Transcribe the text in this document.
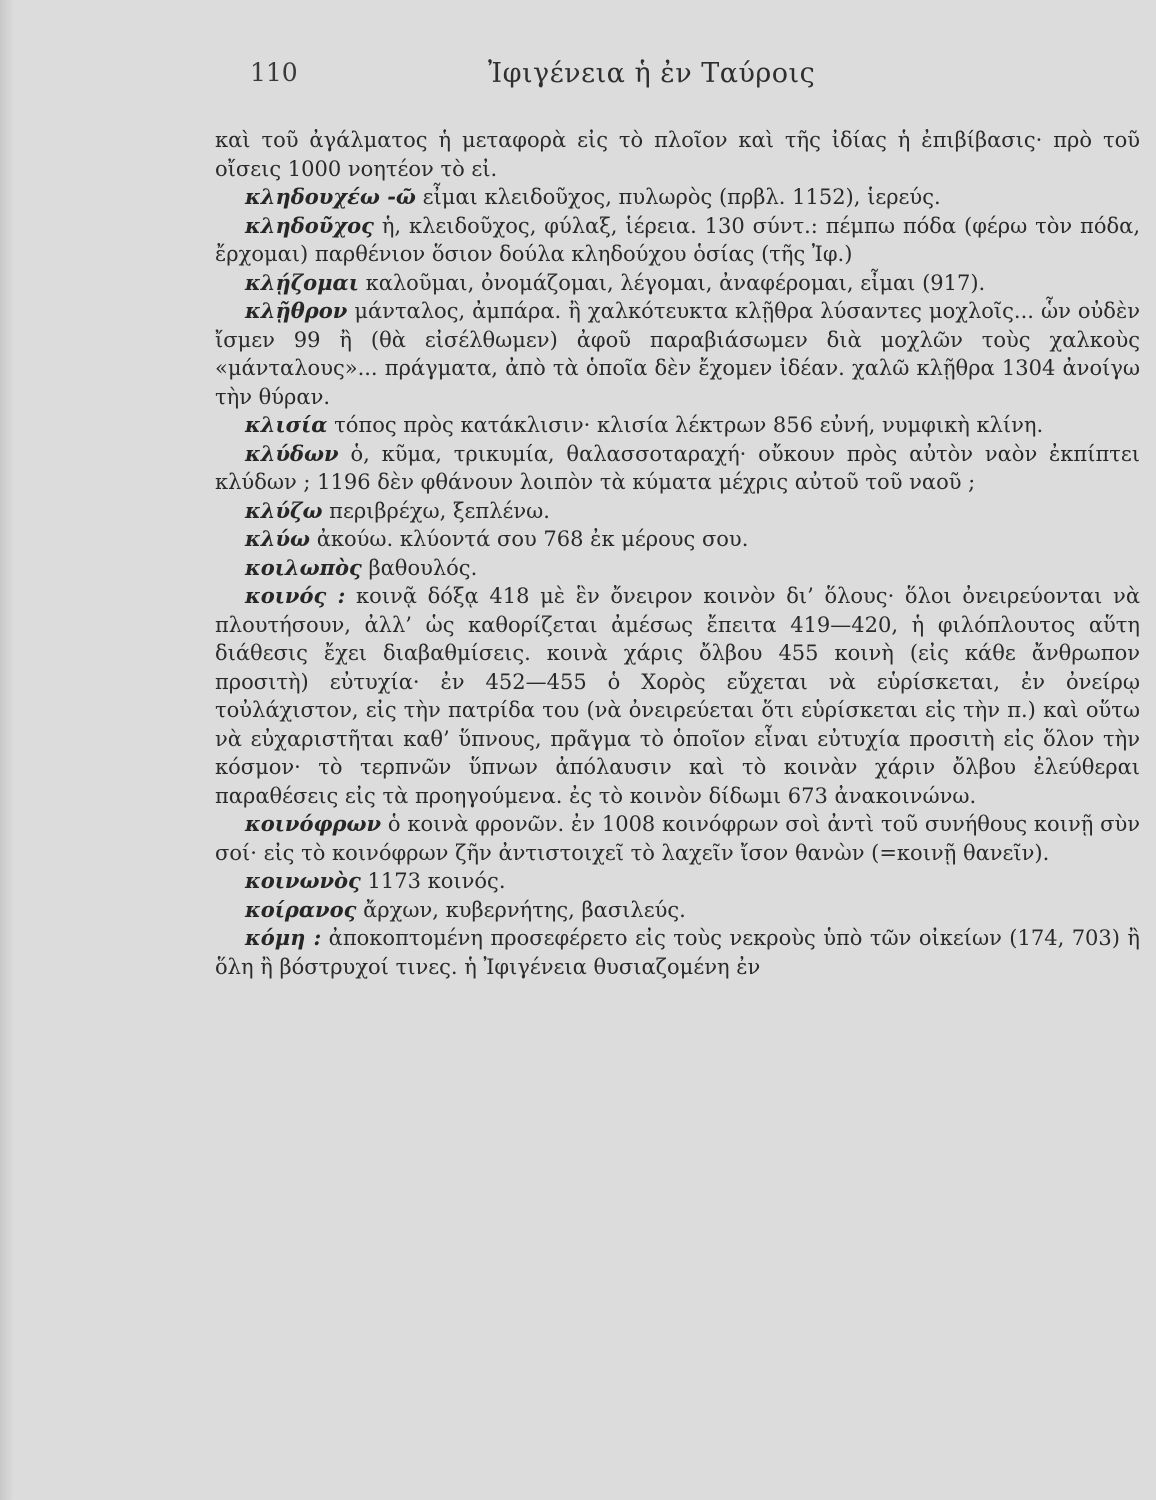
110	Ἰφιγένεια ἡ ἐν Ταύροις

καὶ τοῦ ἀγάλματος ἡ μεταφορὰ εἰς τὸ πλοῖον καὶ τῆς ἰδίας ἡ ἐπιβίβασις· πρὸ τοῦ οἴσεις 1000 νοητέον τὸ εἰ.

κληδουχέω -ῶ εἶμαι κλειδοῦχος, πυλωρὸς (πρβλ. 1152), ἱερεύς.

κληδοῦχος ἡ, κλειδοῦχος, φύλαξ, ἱέρεια. 130 σύντ.: πέμπω πόδα (φέρω τὸν πόδα, ἔρχομαι) παρθένιον ὅσιον δούλα κληδούχου ὁσίας (τῆς Ἰφ.)

κλῄζομαι καλοῦμαι, ὀνομάζομαι, λέγομαι, ἀναφέρομαι, εἶμαι (917).

κλῇθρον μάνταλος, ἀμπάρα. ἢ χαλκότευκτα κλῇθρα λύσαντες μοχλοῖς... ὧν οὐδὲν ἴσμεν 99 ἢ (θὰ εἰσέλθωμεν) ἀφοῦ παραβιάσωμεν διὰ μοχλῶν τοὺς χαλκοὺς «μάνταλους»... πράγματα, ἀπὸ τὰ ὁποῖα δὲν ἔχομεν ἰδέαν. χαλῶ κλῇθρα 1304 ἀνοίγω τὴν θύραν.

κλισία τόπος πρὸς κατάκλισιν· κλισία λέκτρων 856 εὐνή, νυμφικὴ κλίνη.

κλύδων ὁ, κῦμα, τρικυμία, θαλασσοταραχή· οὔκουν πρὸς αὐτὸν ναὸν ἐκπίπτει κλύδων ; 1196 δὲν φθάνουν λοιπὸν τὰ κύματα μέχρις αὐτοῦ τοῦ ναοῦ ;

κλύζω περιβρέχω, ξεπλένω.

κλύω ἀκούω. κλύοντά σου 768 ἐκ μέρους σου.

κοιλωπὸς βαθουλός.

κοινός : κοινᾷ δόξᾳ 418 μὲ ἓν ὄνειρον κοινὸν δι’ ὅλους· ὅλοι ὀνειρεύονται νὰ πλουτήσουν, ἀλλ’ ὡς καθορίζεται ἀμέσως ἔπειτα 419—420, ἡ φιλόπλουτος αὕτη διάθεσις ἔχει διαβαθμίσεις. κοινὰ χάρις ὄλβου 455 κοινὴ (εἰς κάθε ἄνθρωπον προσιτὴ) εὐτυχία· ἐν 452—455 ὁ Χορὸς εὔχεται νὰ εὑρίσκεται, ἐν ὀνείρῳ τοὐλάχιστον, εἰς τὴν πατρίδα του (νὰ ὀνειρεύεται ὅτι εὑρίσκεται εἰς τὴν π.) καὶ οὕτω νὰ εὐχαριστῆται καθ’ ὕπνους, πρᾶγμα τὸ ὁποῖον εἶναι εὐτυχία προσιτὴ εἰς ὅλον τὴν κόσμον· τὸ τερπνῶν ὕπνων ἀπόλαυσιν καὶ τὸ κοινὰν χάριν ὄλβου ἐλεύθεραι παραθέσεις εἰς τὰ προηγούμενα. ἐς τὸ κοινὸν δίδωμι 673 ἀνακοινώνω.

κοινόφρων ὁ κοινὰ φρονῶν. ἐν 1008 κοινόφρων σοὶ ἀντὶ τοῦ συνήθους κοινῇ σὺν σοί· εἰς τὸ κοινόφρων ζῆν ἀντιστοιχεῖ τὸ λαχεῖν ἴσον θανὼν (=κοινῇ θανεῖν).

κοινωνὸς 1173 κοινός.

κοίρανος ἄρχων, κυβερνήτης, βασιλεύς.

κόμη : ἀποκοπτομένη προσεφέρετο εἰς τοὺς νεκροὺς ὑπὸ τῶν οἰκείων (174, 703) ἢ ὅλη ἢ βόστρυχοί τινες. ἡ Ἰφιγένεια θυσιαζομένη ἐν
